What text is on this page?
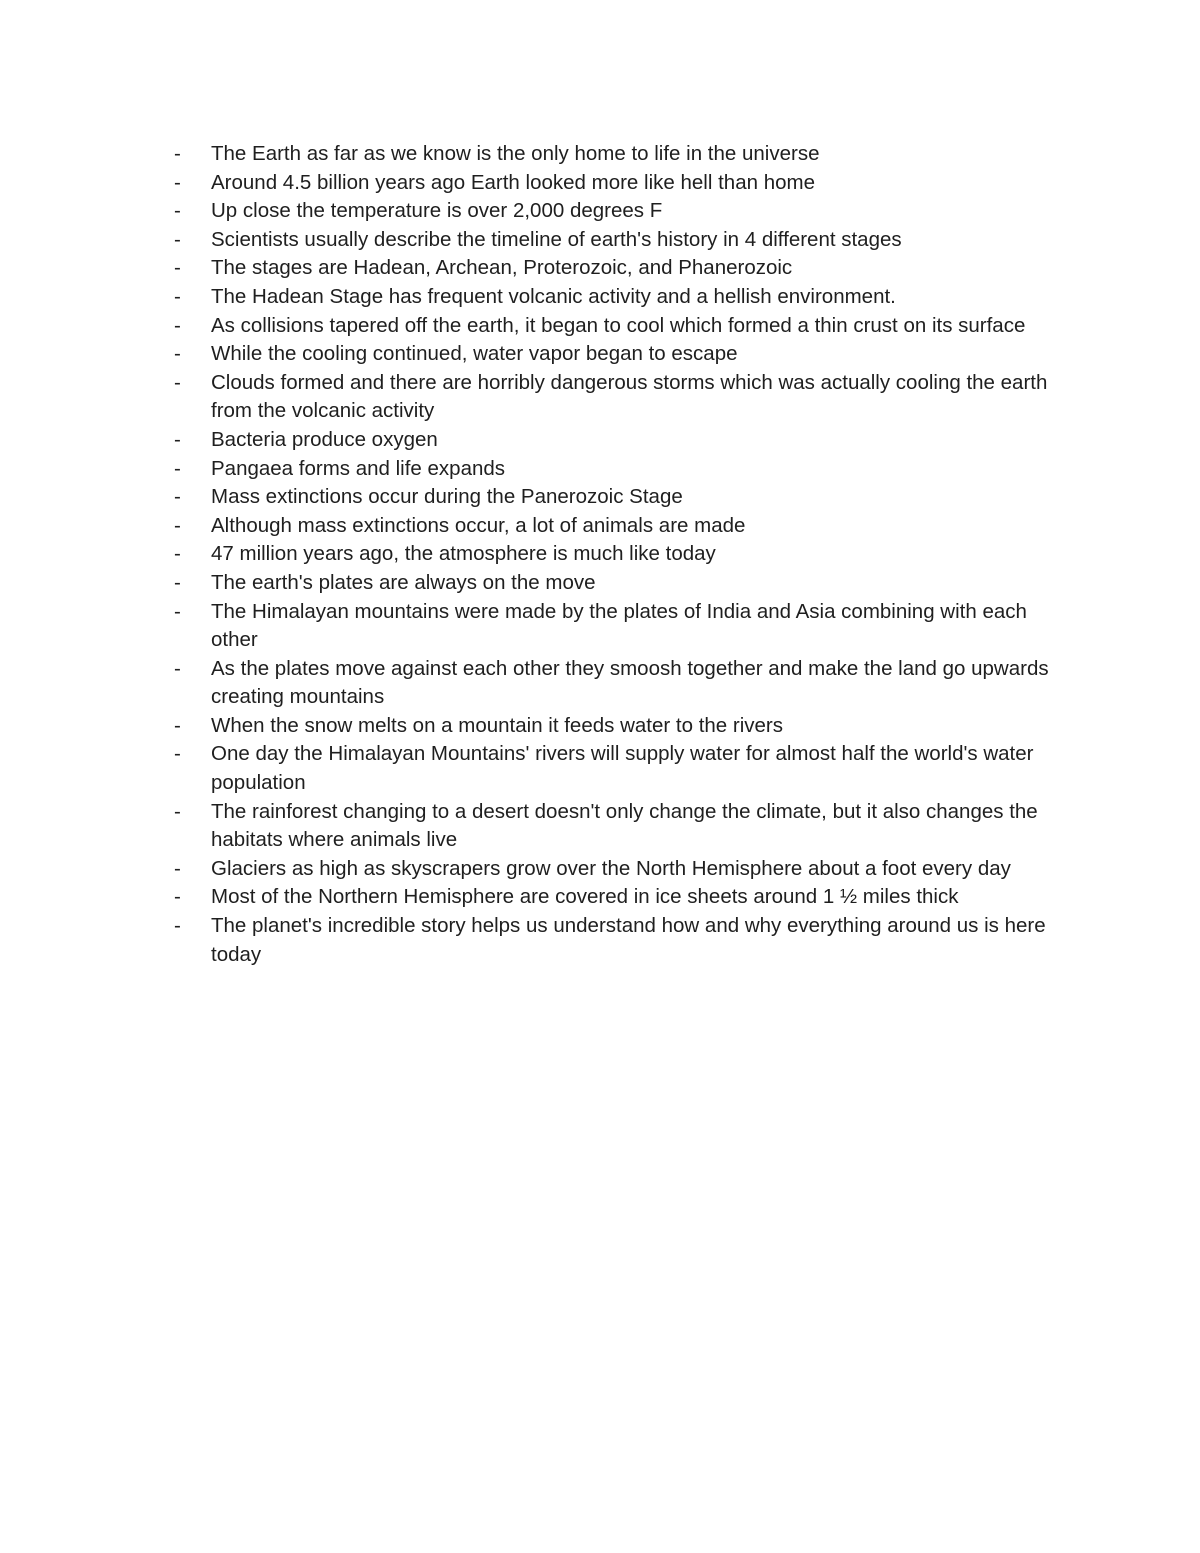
-	The Earth as far as we know is the only home to life in the universe
-	Around 4.5 billion years ago Earth looked more like hell than home
-	Up close the temperature is over 2,000 degrees F
-	Scientists usually describe the timeline of earth's history in 4 different stages
-	The stages are Hadean, Archean, Proterozoic, and Phanerozoic
-	The Hadean Stage has frequent volcanic activity and a hellish environment.
-	As collisions tapered off the earth, it began to cool which formed a thin crust on its surface
-	While the cooling continued, water vapor began to escape
-	Clouds formed and there are horribly dangerous storms which was actually cooling the earth from the volcanic activity
-	Bacteria produce oxygen
-	Pangaea forms and life expands
-	Mass extinctions occur during the Panerozoic Stage
-	Although mass extinctions occur, a lot of animals are made
-	47 million years ago, the atmosphere is much like today
-	The earth's plates are always on the move
-	The Himalayan mountains were made by the plates of India and Asia combining with each other
-	As the plates move against each other they smoosh together and make the land go upwards creating mountains
-	When the snow melts on a mountain it feeds water to the rivers
-	One day the Himalayan Mountains' rivers will supply water for almost half the world's water population
-	The rainforest changing to a desert doesn't only change the climate, but it also changes the habitats where animals live
-	Glaciers as high as skyscrapers grow over the North Hemisphere about a foot every day
-	Most of the Northern Hemisphere are covered in ice sheets around 1 ½ miles thick
-	The planet's incredible story helps us understand how and why everything around us is here today
